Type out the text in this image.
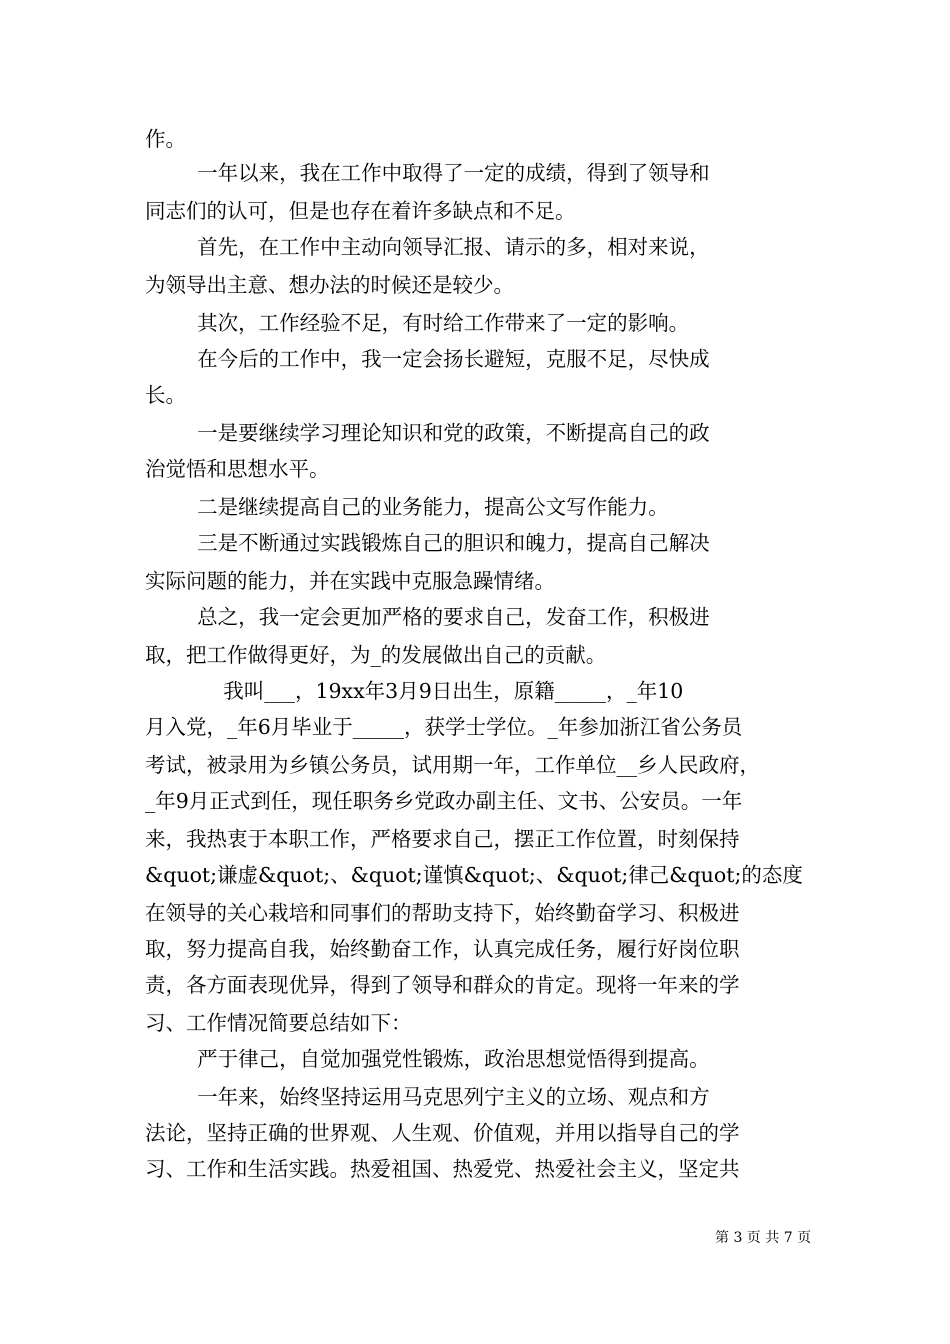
作。
一年以来，我在工作中取得了一定的成绩，得到了领导和
同志们的认可，但是也存在着许多缺点和不足。
首先，在工作中主动向领导汇报、请示的多，相对来说，
为领导出主意、想办法的时候还是较少。
其次，工作经验不足，有时给工作带来了一定的影响。
在今后的工作中，我一定会扬长避短，克服不足，尽快成
长。
一是要继续学习理论知识和党的政策，不断提高自己的政
治觉悟和思想水平。
二是继续提高自己的业务能力，提高公文写作能力。
三是不断通过实践锻炼自己的胆识和魄力，提高自己解决
实际问题的能力，并在实践中克服急躁情绪。
总之，我一定会更加严格的要求自己，发奋工作，积极进
取，把工作做得更好，为_的发展做出自己的贡献。
我叫___，19xx年3月9日出生，原籍_____，_年10
月入党，_年6月毕业于_____，获学士学位。_年参加浙江省公务员
考试，被录用为乡镇公务员，试用期一年，工作单位__乡人民政府，
_年9月正式到任，现任职务乡党政办副主任、文书、公安员。一年
来，我热衷于本职工作，严格要求自己，摆正工作位置，时刻保持
&quot;谦虚&quot;、&quot;谨慎&quot;、&quot;律己&quot;的态度
在领导的关心栽培和同事们的帮助支持下，始终勤奋学习、积极进
取，努力提高自我，始终勤奋工作，认真完成任务，履行好岗位职
责，各方面表现优异，得到了领导和群众的肯定。现将一年来的学
习、工作情况简要总结如下：
严于律己，自觉加强党性锻炼，政治思想觉悟得到提高。
一年来，始终坚持运用马克思列宁主义的立场、观点和方
法论，坚持正确的世界观、人生观、价值观，并用以指导自己的学
习、工作和生活实践。热爱祖国、热爱党、热爱社会主义，坚定共
第 3 页 共 7 页
